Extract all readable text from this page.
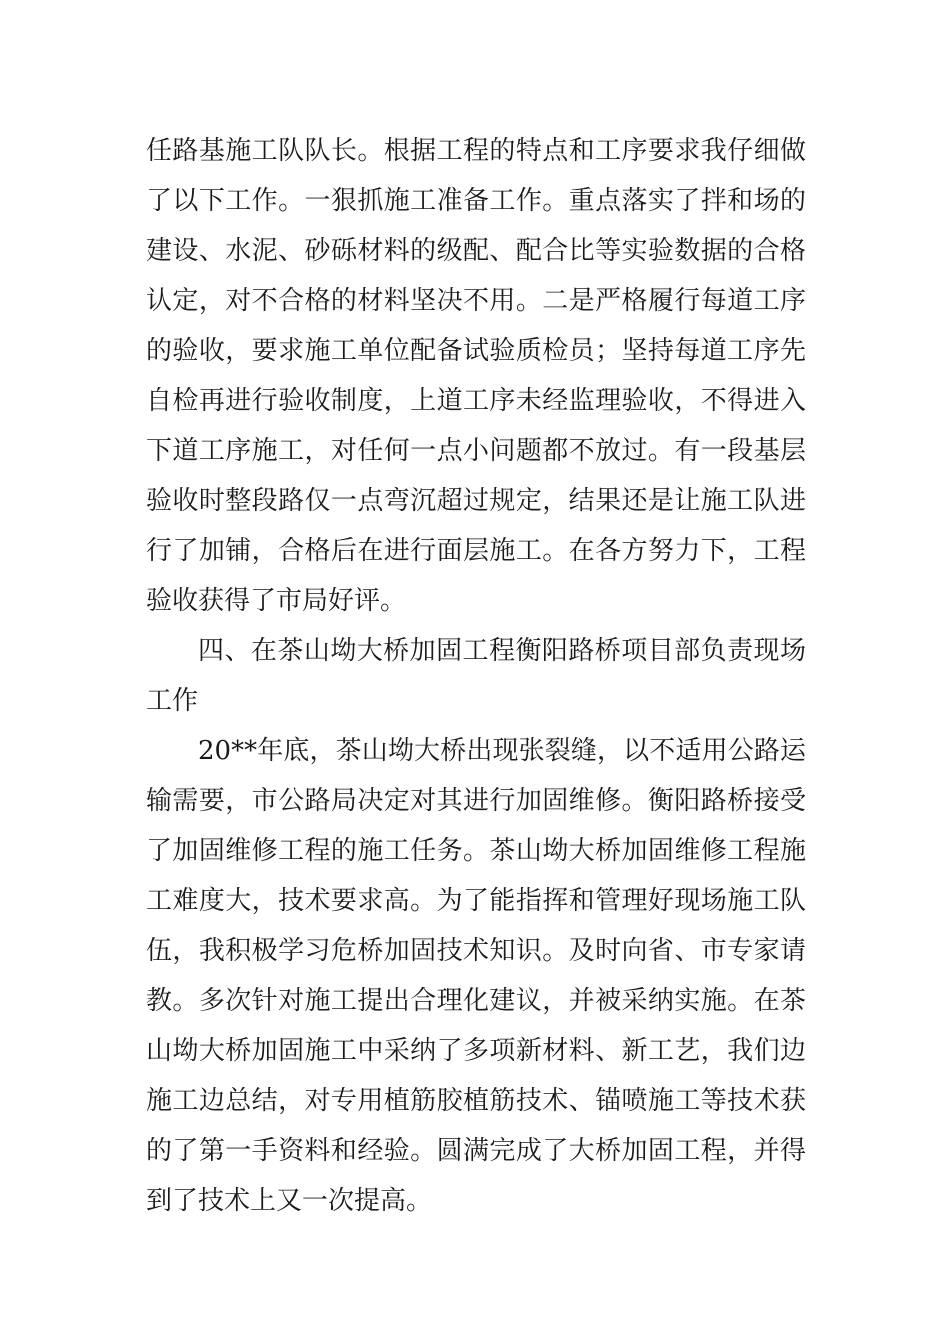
任路基施工队队长。根据工程的特点和工序要求我仔细做
了以下工作。一狠抓施工准备工作。重点落实了拌和场的
建设、水泥、砂砾材料的级配、配合比等实验数据的合格
认定，对不合格的材料坚决不用。二是严格履行每道工序
的验收，要求施工单位配备试验质检员；坚持每道工序先
自检再进行验收制度，上道工序未经监理验收，不得进入
下道工序施工，对任何一点小问题都不放过。有一段基层
验收时整段路仅一点弯沉超过规定，结果还是让施工队进
行了加铺，合格后在进行面层施工。在各方努力下，工程
验收获得了市局好评。
四、在茶山坳大桥加固工程衡阳路桥项目部负责现场
工作
20**年底，茶山坳大桥出现张裂缝，以不适用公路运
输需要，市公路局决定对其进行加固维修。衡阳路桥接受
了加固维修工程的施工任务。茶山坳大桥加固维修工程施
工难度大，技术要求高。为了能指挥和管理好现场施工队
伍，我积极学习危桥加固技术知识。及时向省、市专家请
教。多次针对施工提出合理化建议，并被采纳实施。在茶
山坳大桥加固施工中采纳了多项新材料、新工艺，我们边
施工边总结，对专用植筋胶植筋技术、锚喷施工等技术获
的了第一手资料和经验。圆满完成了大桥加固工程，并得
到了技术上又一次提高。
